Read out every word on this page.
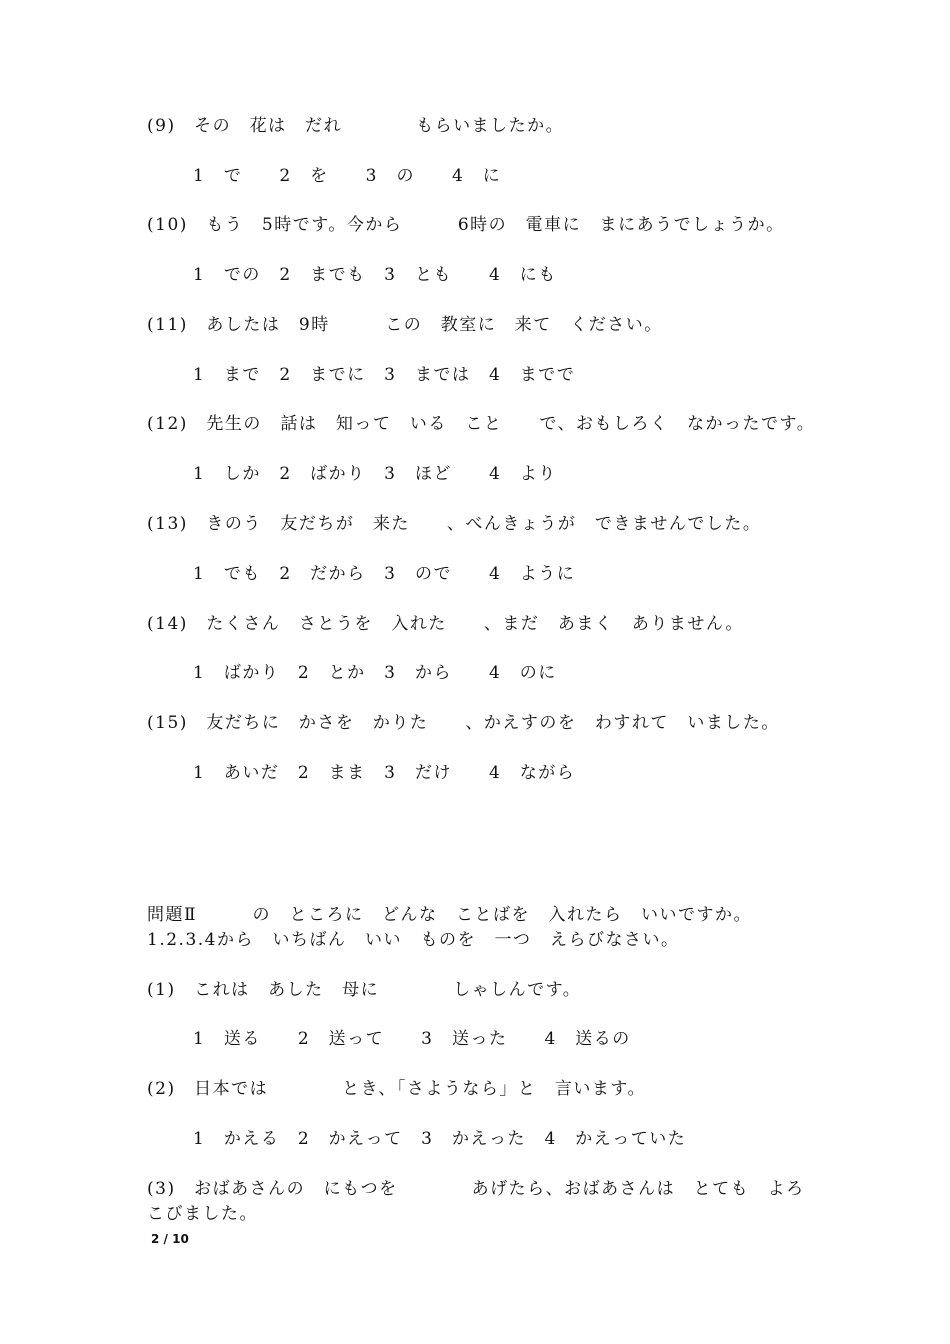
(9)　その　花は　だれ　　　　もらいましたか。
1　で　　2　を　　3　の　　4　に
(10)　もう　5時です。今から　　　6時の　電車に　まにあうでしょうか。
1　での　2　までも　3　とも　　4　にも
(11)　あしたは　9時　　　この　教室に　来て　ください。
1　まで　2　までに　3　までは　4　までで
(12)　先生の　話は　知って　いる　こと　　で、おもしろく　なかったです。
1　しか　2　ばかり　3　ほど　　4　より
(13)　きのう　友だちが　来た　　、べんきょうが　できませんでした。
1　でも　2　だから　3　ので　　4　ように
(14)　たくさん　さとうを　入れた　　、まだ　あまく　ありません。
1　ばかり　2　とか　3　から　　4　のに
(15)　友だちに　かさを　かりた　　、かえすのを　わすれて　いました。
1　あいだ　2　まま　3　だけ　　4　ながら
問題Ⅱ　　　の　ところに　どんな　ことばを　入れたら　いいですか。
1.2.3.4から　いちばん　いい　ものを　一つ　えらびなさい。
(1)　これは　あした　母に　　　　しゃしんです。
1　送る　　2　送って　　3　送った　　4　送るの
(2)　日本では　　　　とき、「さようなら」と　言います。
1　かえる　2　かえって　3　かえった　4　かえっていた
(3)　おばあさんの　にもつを　　　　あげたら、おばあさんは　とても　よろ
こびました。
2 / 10
